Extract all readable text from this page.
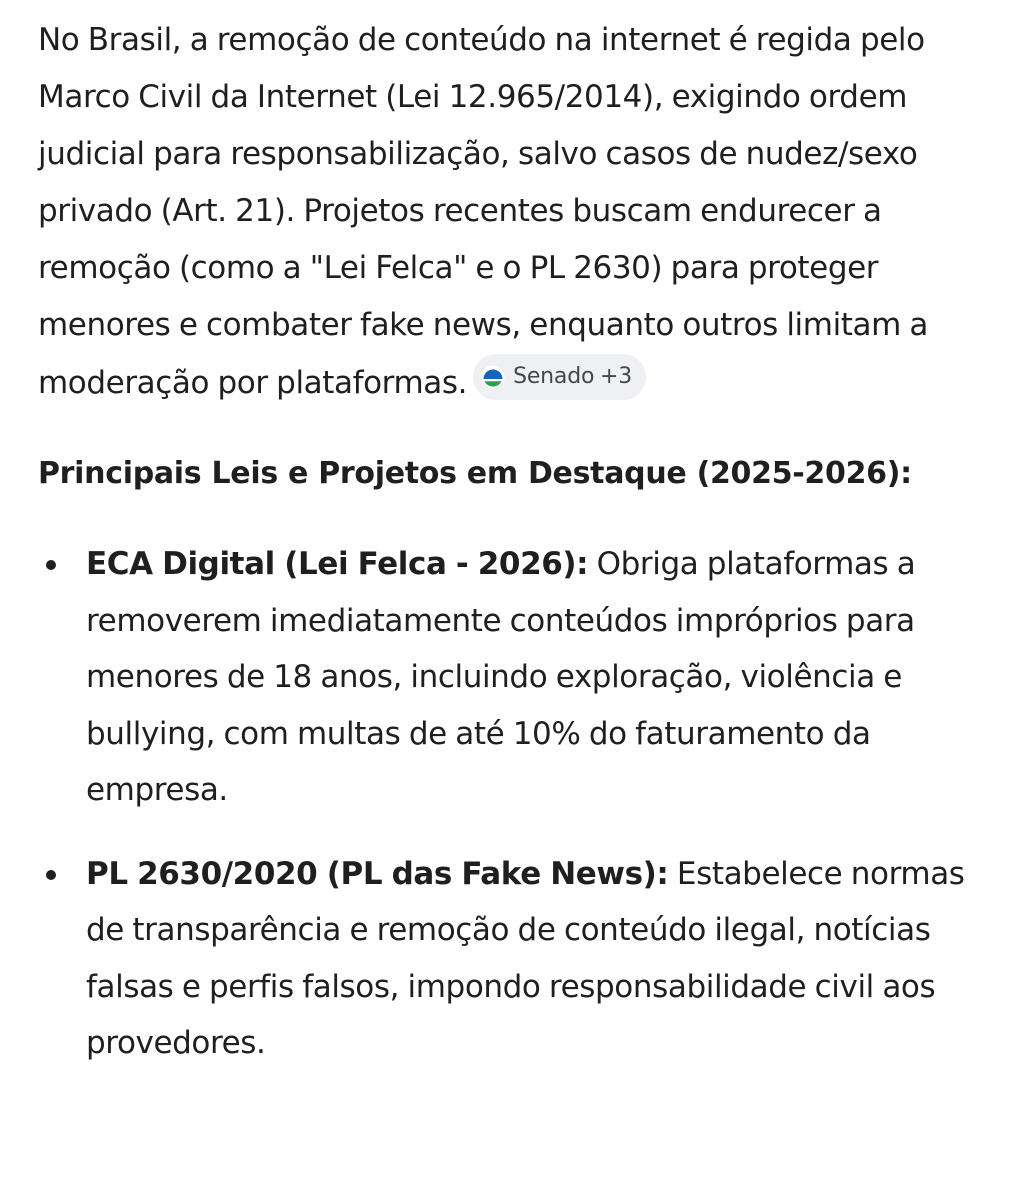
No Brasil, a remoção de conteúdo na internet é regida pelo Marco Civil da Internet (Lei 12.965/2014), exigindo ordem judicial para responsabilização, salvo casos de nudez/sexo privado (Art. 21). Projetos recentes buscam endurecer a remoção (como a "Lei Felca" e o PL 2630) para proteger menores e combater fake news, enquanto outros limitam a moderação por plataformas. Senado +3

Principais Leis e Projetos em Destaque (2025-2026):
ECA Digital (Lei Felca - 2026): Obriga plataformas a removerem imediatamente conteúdos impróprios para menores de 18 anos, incluindo exploração, violência e bullying, com multas de até 10% do faturamento da empresa.
PL 2630/2020 (PL das Fake News): Estabelece normas de transparência e remoção de conteúdo ilegal, notícias falsas e perfis falsos, impondo responsabilidade civil aos provedores.
